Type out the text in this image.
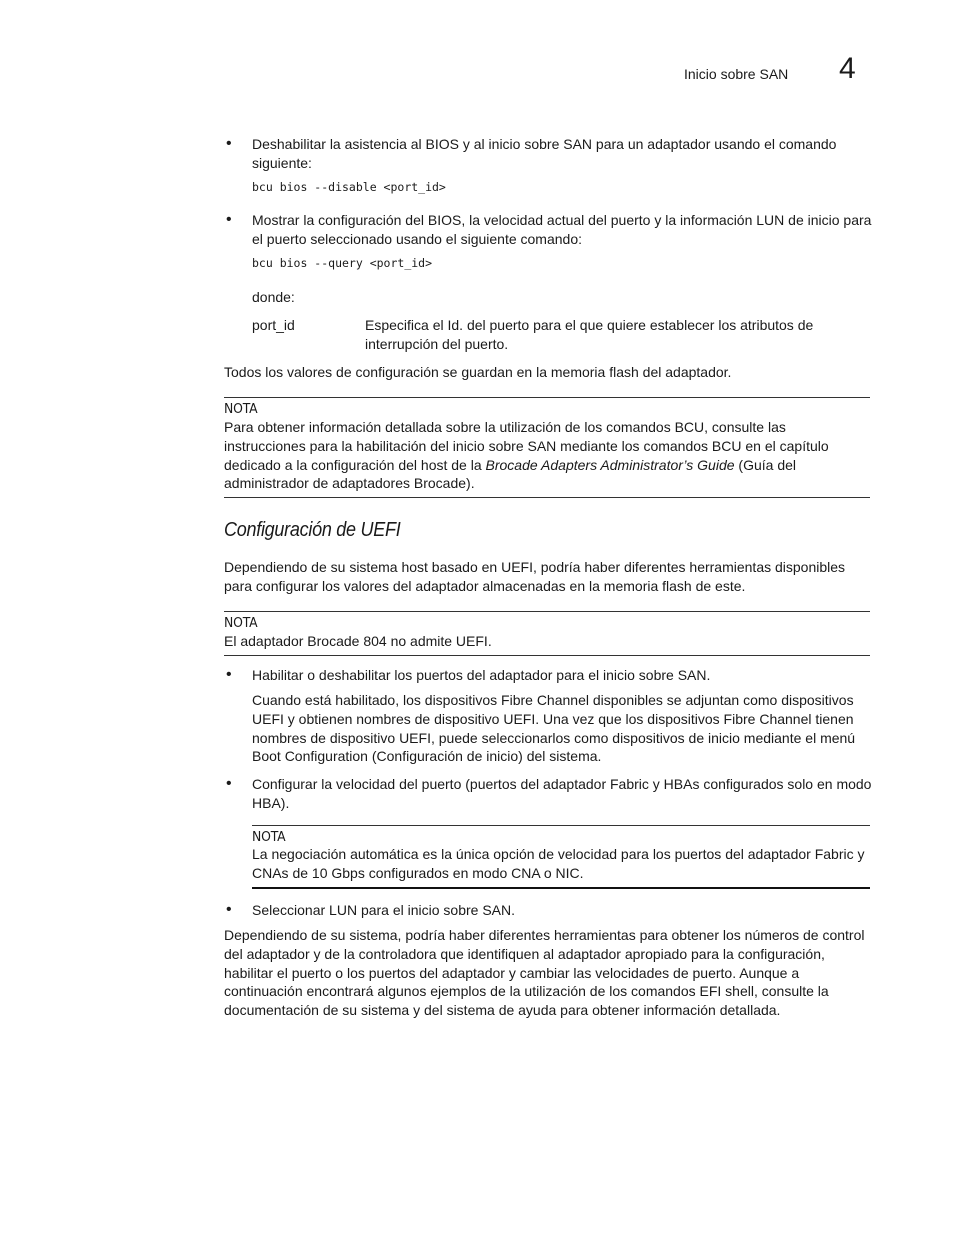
Inicio sobre SAN 4
• Deshabilitar la asistencia al BIOS y al inicio sobre SAN para un adaptador usando el comando siguiente:

bcu bios --disable <port_id>
• Mostrar la configuración del BIOS, la velocidad actual del puerto y la información LUN de inicio para el puerto seleccionado usando el siguiente comando:

bcu bios --query <port_id>

donde:

port_id	Especifica el Id. del puerto para el que quiere establecer los atributos de interrupción del puerto.

Todos los valores de configuración se guardan en la memoria flash del adaptador.

NOTA

Para obtener información detallada sobre la utilización de los comandos BCU, consulte las instrucciones para la habilitación del inicio sobre SAN mediante los comandos BCU en el capítulo dedicado a la configuración del host de la Brocade Adapters Administrator’s Guide (Guía del administrador de adaptadores Brocade).

Configuración de UEFI

Dependiendo de su sistema host basado en UEFI, podría haber diferentes herramientas disponibles para configurar los valores del adaptador almacenadas en la memoria flash de este.

NOTA

El adaptador Brocade 804 no admite UEFI.

• Habilitar o deshabilitar los puertos del adaptador para el inicio sobre SAN.

Cuando está habilitado, los dispositivos Fibre Channel disponibles se adjuntan como dispositivos UEFI y obtienen nombres de dispositivo UEFI. Una vez que los dispositivos Fibre Channel tienen nombres de dispositivo UEFI, puede seleccionarlos como dispositivos de inicio mediante el menú Boot Configuration (Configuración de inicio) del sistema.

• Configurar la velocidad del puerto (puertos del adaptador Fabric y HBAs configurados solo en modo HBA).

NOTA

La negociación automática es la única opción de velocidad para los puertos del adaptador Fabric y CNAs de 10 Gbps configurados en modo CNA o NIC.

• Seleccionar LUN para el inicio sobre SAN.

Dependiendo de su sistema, podría haber diferentes herramientas para obtener los números de control del adaptador y de la controladora que identifiquen al adaptador apropiado para la configuración, habilitar el puerto o los puertos del adaptador y cambiar las velocidades de puerto. Aunque a continuación encontrará algunos ejemplos de la utilización de los comandos EFI shell, consulte la documentación de su sistema y del sistema de ayuda para obtener información detallada.
